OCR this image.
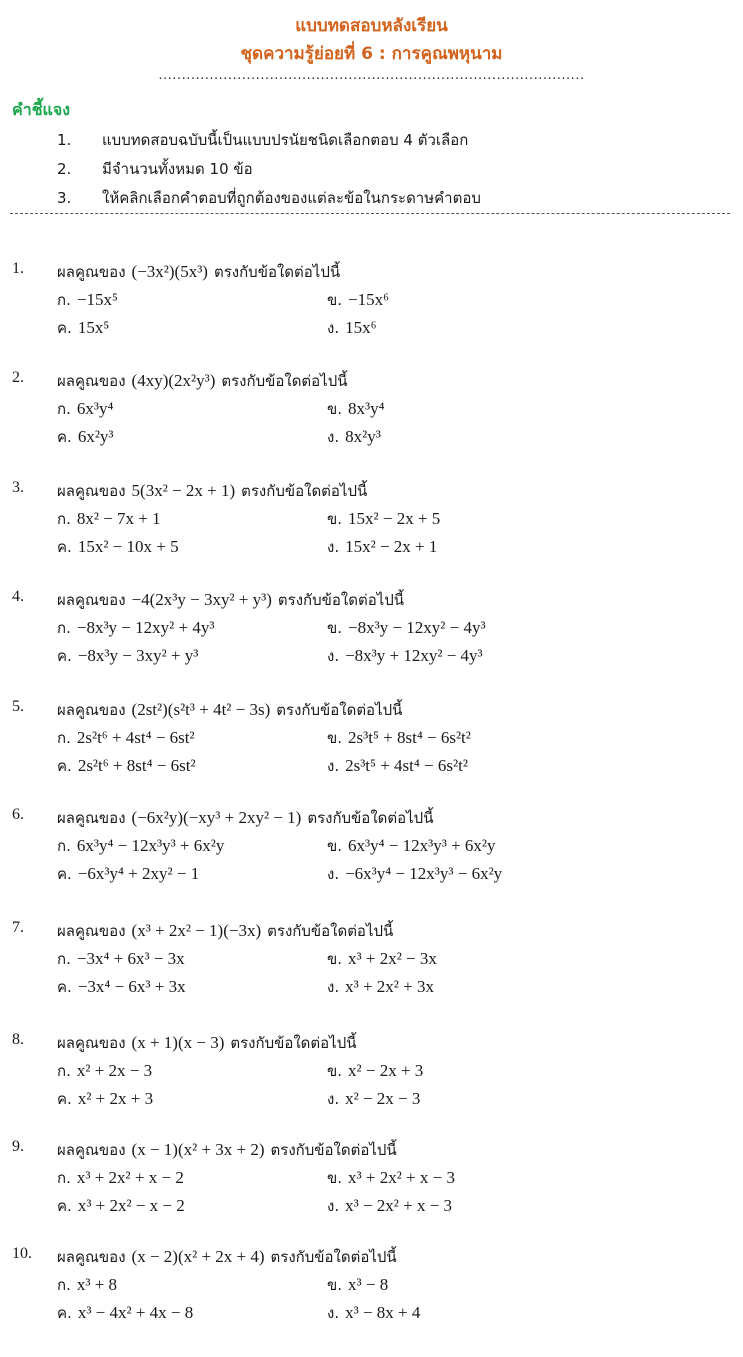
แบบทดสอบหลังเรียน
ชุดความรู้ย่อยที่ 6 : การคูณพหุนาม
............................................................................................
คำชี้แจง
1. แบบทดสอบฉบับนี้เป็นแบบปรนัยชนิดเลือกตอบ 4 ตัวเลือก
2. มีจำนวนทั้งหมด 10 ข้อ
3. ให้คลิกเลือกคำตอบที่ถูกต้องของแต่ละข้อในกระดาษคำตอบ
1. ผลคูณของ (−3x²)(5x³) ตรงกับข้อใดต่อไปนี้
ก. −15x⁵	ข. −15x⁶
ค. 15x⁵	ง. 15x⁶
2. ผลคูณของ (4xy)(2x²y³) ตรงกับข้อใดต่อไปนี้
ก. 6x³y⁴	ข. 8x³y⁴
ค. 6x²y³	ง. 8x²y³
3. ผลคูณของ 5(3x² − 2x + 1) ตรงกับข้อใดต่อไปนี้
ก. 8x² − 7x + 1	ข. 15x² − 2x + 5
ค. 15x² − 10x + 5	ง. 15x² − 2x + 1
4. ผลคูณของ −4(2x³y − 3xy² + y³) ตรงกับข้อใดต่อไปนี้
ก. −8x³y − 12xy² + 4y³	ข. −8x³y − 12xy² − 4y³
ค. −8x³y − 3xy² + y³	ง. −8x³y + 12xy² − 4y³
5. ผลคูณของ (2st²)(s²t³ + 4t² − 3s) ตรงกับข้อใดต่อไปนี้
ก. 2s²t⁶ + 4st⁴ − 6st²	ข. 2s³t⁵ + 8st⁴ − 6s²t²
ค. 2s²t⁶ + 8st⁴ − 6st²	ง. 2s³t⁵ + 4st⁴ − 6s²t²
6. ผลคูณของ (−6x²y)(−xy³ + 2xy² − 1) ตรงกับข้อใดต่อไปนี้
ก. 6x³y⁴ − 12x³y³ + 6x²y	ข. 6x³y⁴ − 12x³y³ + 6x²y
ค. −6x³y⁴ + 2xy² − 1	ง. −6x³y⁴ − 12x³y³ − 6x²y
7. ผลคูณของ (x³ + 2x² − 1)(−3x) ตรงกับข้อใดต่อไปนี้
ก. −3x⁴ + 6x³ − 3x	ข. x³ + 2x² − 3x
ค. −3x⁴ − 6x³ + 3x	ง. x³ + 2x² + 3x
8. ผลคูณของ (x + 1)(x − 3) ตรงกับข้อใดต่อไปนี้
ก. x² + 2x − 3	ข. x² − 2x + 3
ค. x² + 2x + 3	ง. x² − 2x − 3
9. ผลคูณของ (x − 1)(x² + 3x + 2) ตรงกับข้อใดต่อไปนี้
ก. x³ + 2x² + x − 2	ข. x³ + 2x² + x − 3
ค. x³ + 2x² − x − 2	ง. x³ − 2x² + x − 3
10. ผลคูณของ (x − 2)(x² + 2x + 4) ตรงกับข้อใดต่อไปนี้
ก. x³ + 8	ข. x³ − 8
ค. x³ − 4x² + 4x − 8	ง. x³ − 8x + 4
